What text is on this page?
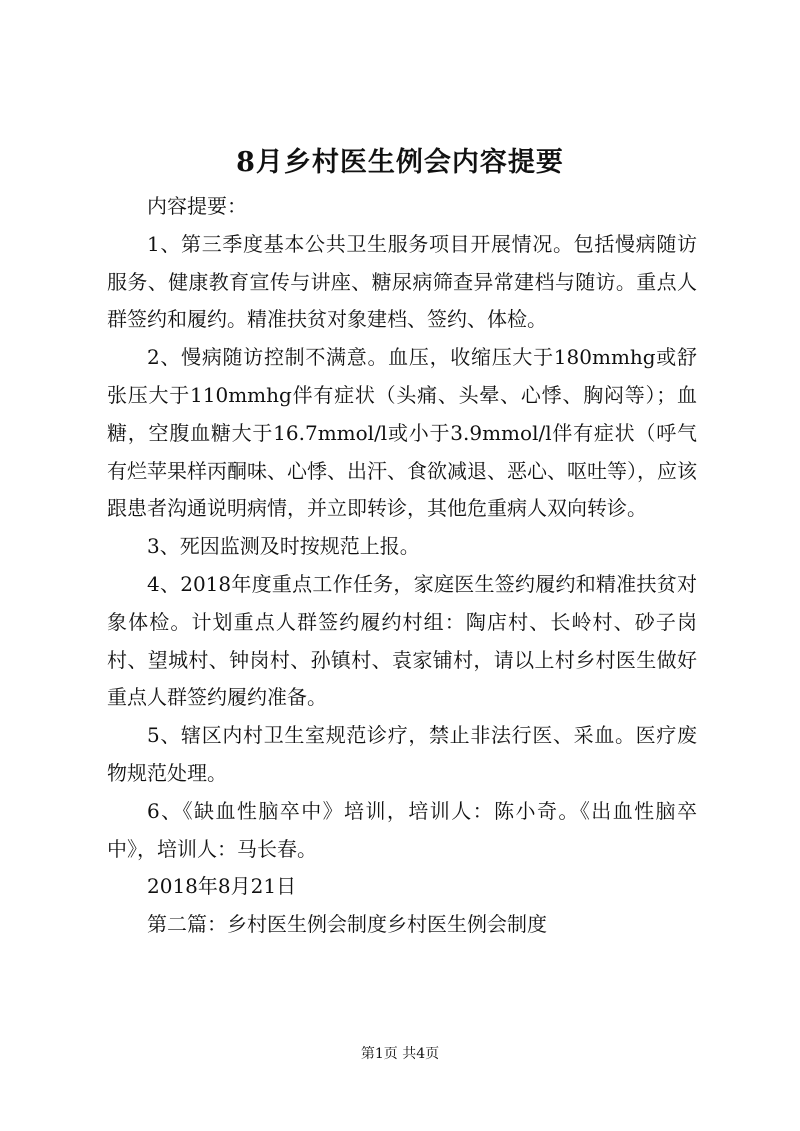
8月乡村医生例会内容提要

内容提要：

1、第三季度基本公共卫生服务项目开展情况。包括慢病随访服务、健康教育宣传与讲座、糖尿病筛查异常建档与随访。重点人群签约和履约。精准扶贫对象建档、签约、体检。

2、慢病随访控制不满意。血压，收缩压大于180mmhg或舒张压大于110mmhg伴有症状（头痛、头晕、心悸、胸闷等）；血糖，空腹血糖大于16.7mmol/l或小于3.9mmol/l伴有症状（呼气有烂苹果样丙酮味、心悸、出汗、食欲减退、恶心、呕吐等），应该跟患者沟通说明病情，并立即转诊，其他危重病人双向转诊。

3、死因监测及时按规范上报。

4、2018年度重点工作任务，家庭医生签约履约和精准扶贫对象体检。计划重点人群签约履约村组：陶店村、长岭村、砂子岗村、望城村、钟岗村、孙镇村、袁家铺村，请以上村乡村医生做好重点人群签约履约准备。

5、辖区内村卫生室规范诊疗，禁止非法行医、采血。医疗废物规范处理。

6、《缺血性脑卒中》培训，培训人：陈小奇。《出血性脑卒中》，培训人：马长春。

2018年8月21日

第二篇：乡村医生例会制度乡村医生例会制度

第1页 共4页
